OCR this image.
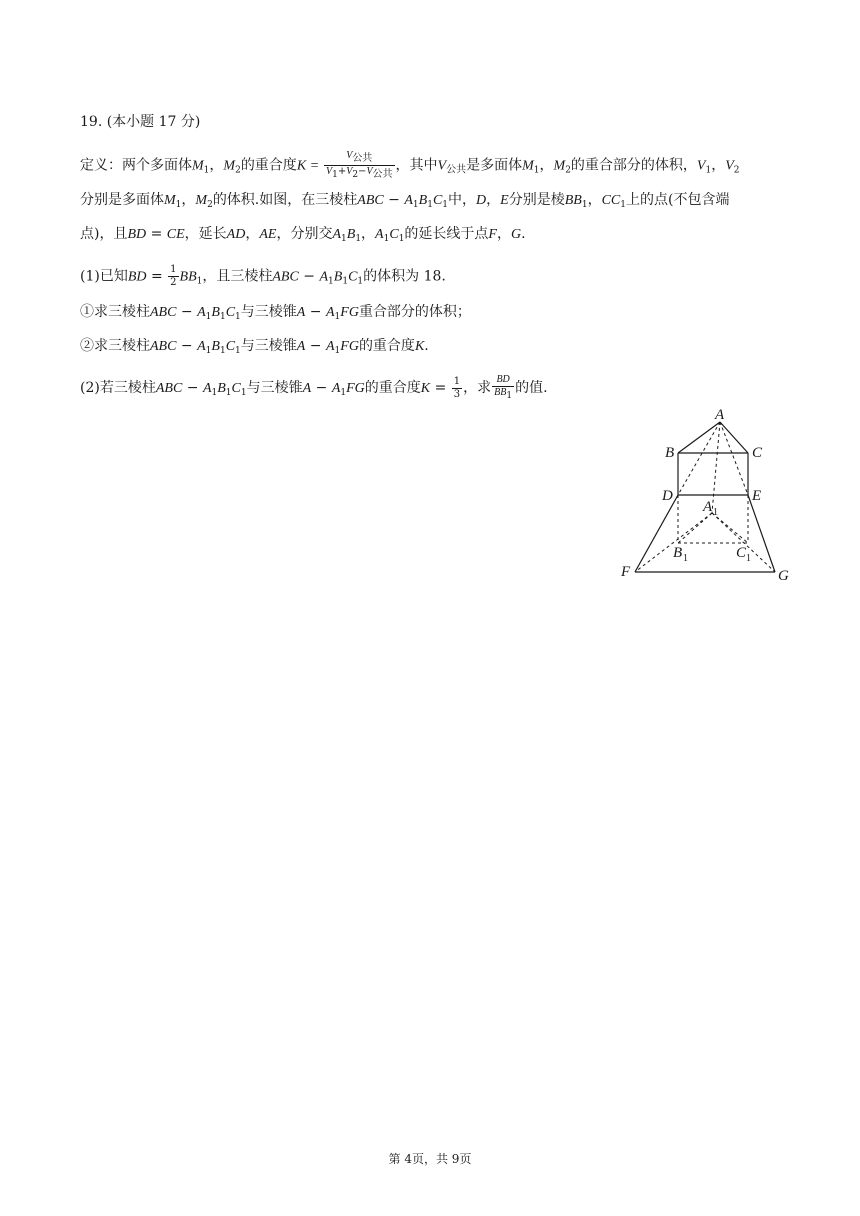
19. (本小题 17 分)
定义：两个多面体$M_1$，$M_2$的重合度$K = \frac{V_{公共}}{V_1+V_2-V_{公共}}$ ，其中$V_{公共}$是多面体$M_1$，$M_2$的重合部分的体积，$V_1$，$V_2$
分别是多面体$M_1$，$M_2$的体积.如图，在三棱柱ABC − $A_1B_1C_1$中，D，E分别是棱$BB_1$，$CC_1$上的点(不包含端
点)，且BD = CE，延长AD，AE，分别交$A_1B_1$，$A_1C_1$的延长线于点F，G.
(1)已知BD = $\frac{1}{2} BB_1$，且三棱柱ABC − $A_1B_1C_1$的体积为 18.
①求三棱柱ABC − $A_1B_1C_1$与三棱锥$A - A_1FG$重合部分的体积；
②求三棱柱ABC − $A_1B_1C_1$与三棱锥$A - A_1FG$的重合度K.
(2)若三棱柱ABC − $A_1B_1C_1$与三棱锥$A - A_1FG$的重合度$K = \frac{1}{3}$ ，求 $\frac{BD}{BB_1}$ 的值.
A
B	C
D	E
A 1
B 1	C 1
F	G
第 4页，共 9页
